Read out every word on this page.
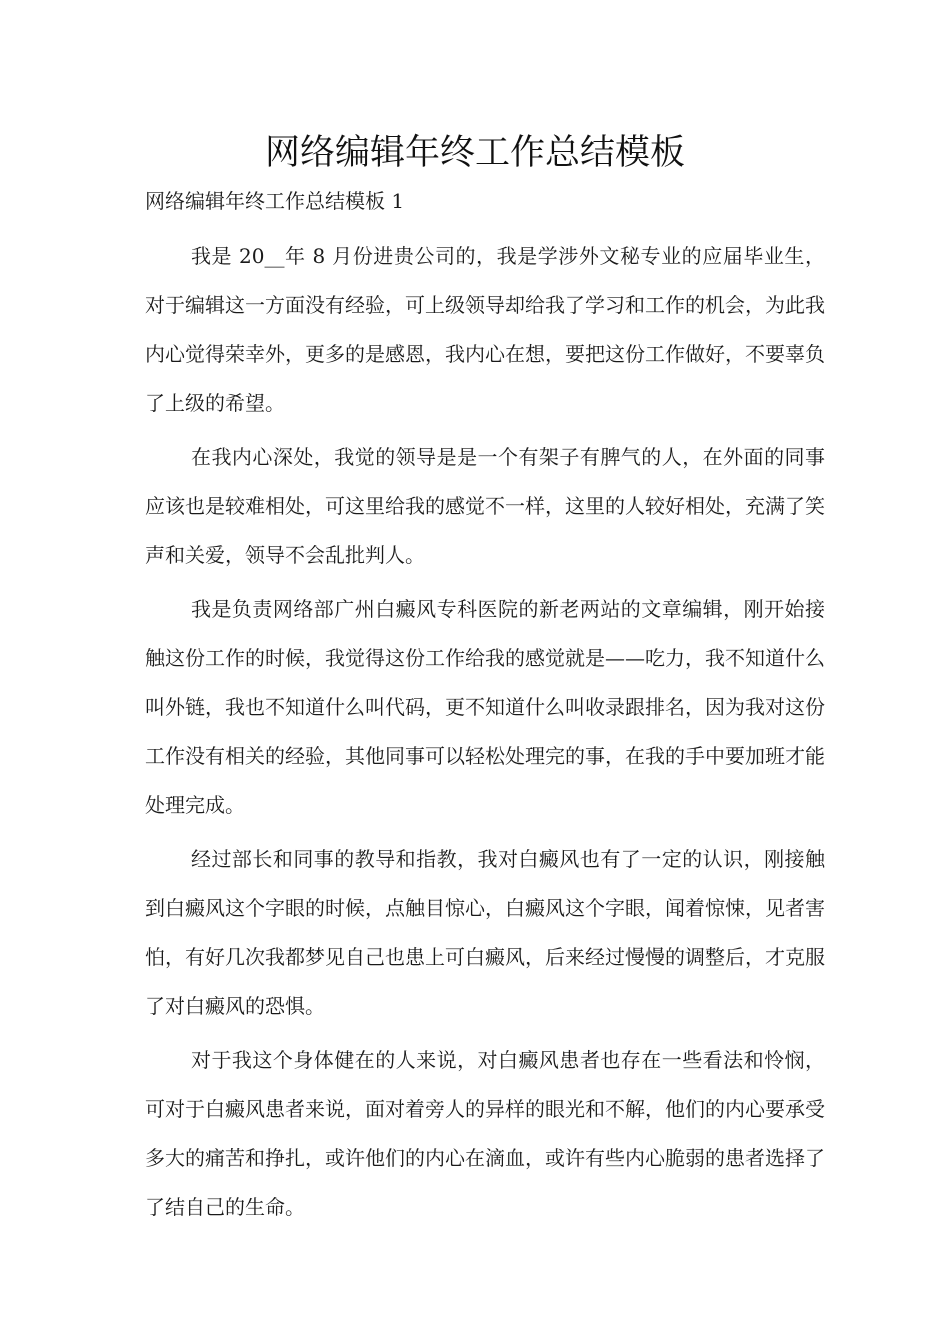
网络编辑年终工作总结模板

网络编辑年终工作总结模板 1

我是 20__年 8 月份进贵公司的，我是学涉外文秘专业的应届毕业生，对于编辑这一方面没有经验，可上级领导却给我了学习和工作的机会，为此我内心觉得荣幸外，更多的是感恩，我内心在想，要把这份工作做好，不要辜负了上级的希望。

在我内心深处，我觉的领导是是一个有架子有脾气的人，在外面的同事应该也是较难相处，可这里给我的感觉不一样，这里的人较好相处，充满了笑声和关爱，领导不会乱批判人。

我是负责网络部广州白癜风专科医院的新老两站的文章编辑，刚开始接触这份工作的时候，我觉得这份工作给我的感觉就是——吃力，我不知道什么叫外链，我也不知道什么叫代码，更不知道什么叫收录跟排名，因为我对这份工作没有相关的经验，其他同事可以轻松处理完的事，在我的手中要加班才能处理完成。

经过部长和同事的教导和指教，我对白癜风也有了一定的认识，刚接触到白癜风这个字眼的时候，点触目惊心，白癜风这个字眼，闻着惊悚，见者害怕，有好几次我都梦见自己也患上可白癜风，后来经过慢慢的调整后，才克服了对白癜风的恐惧。

对于我这个身体健在的人来说，对白癜风患者也存在一些看法和怜悯，可对于白癜风患者来说，面对着旁人的异样的眼光和不解，他们的内心要承受多大的痛苦和挣扎，或许他们的内心在滴血，或许有些内心脆弱的患者选择了了结自己的生命。
